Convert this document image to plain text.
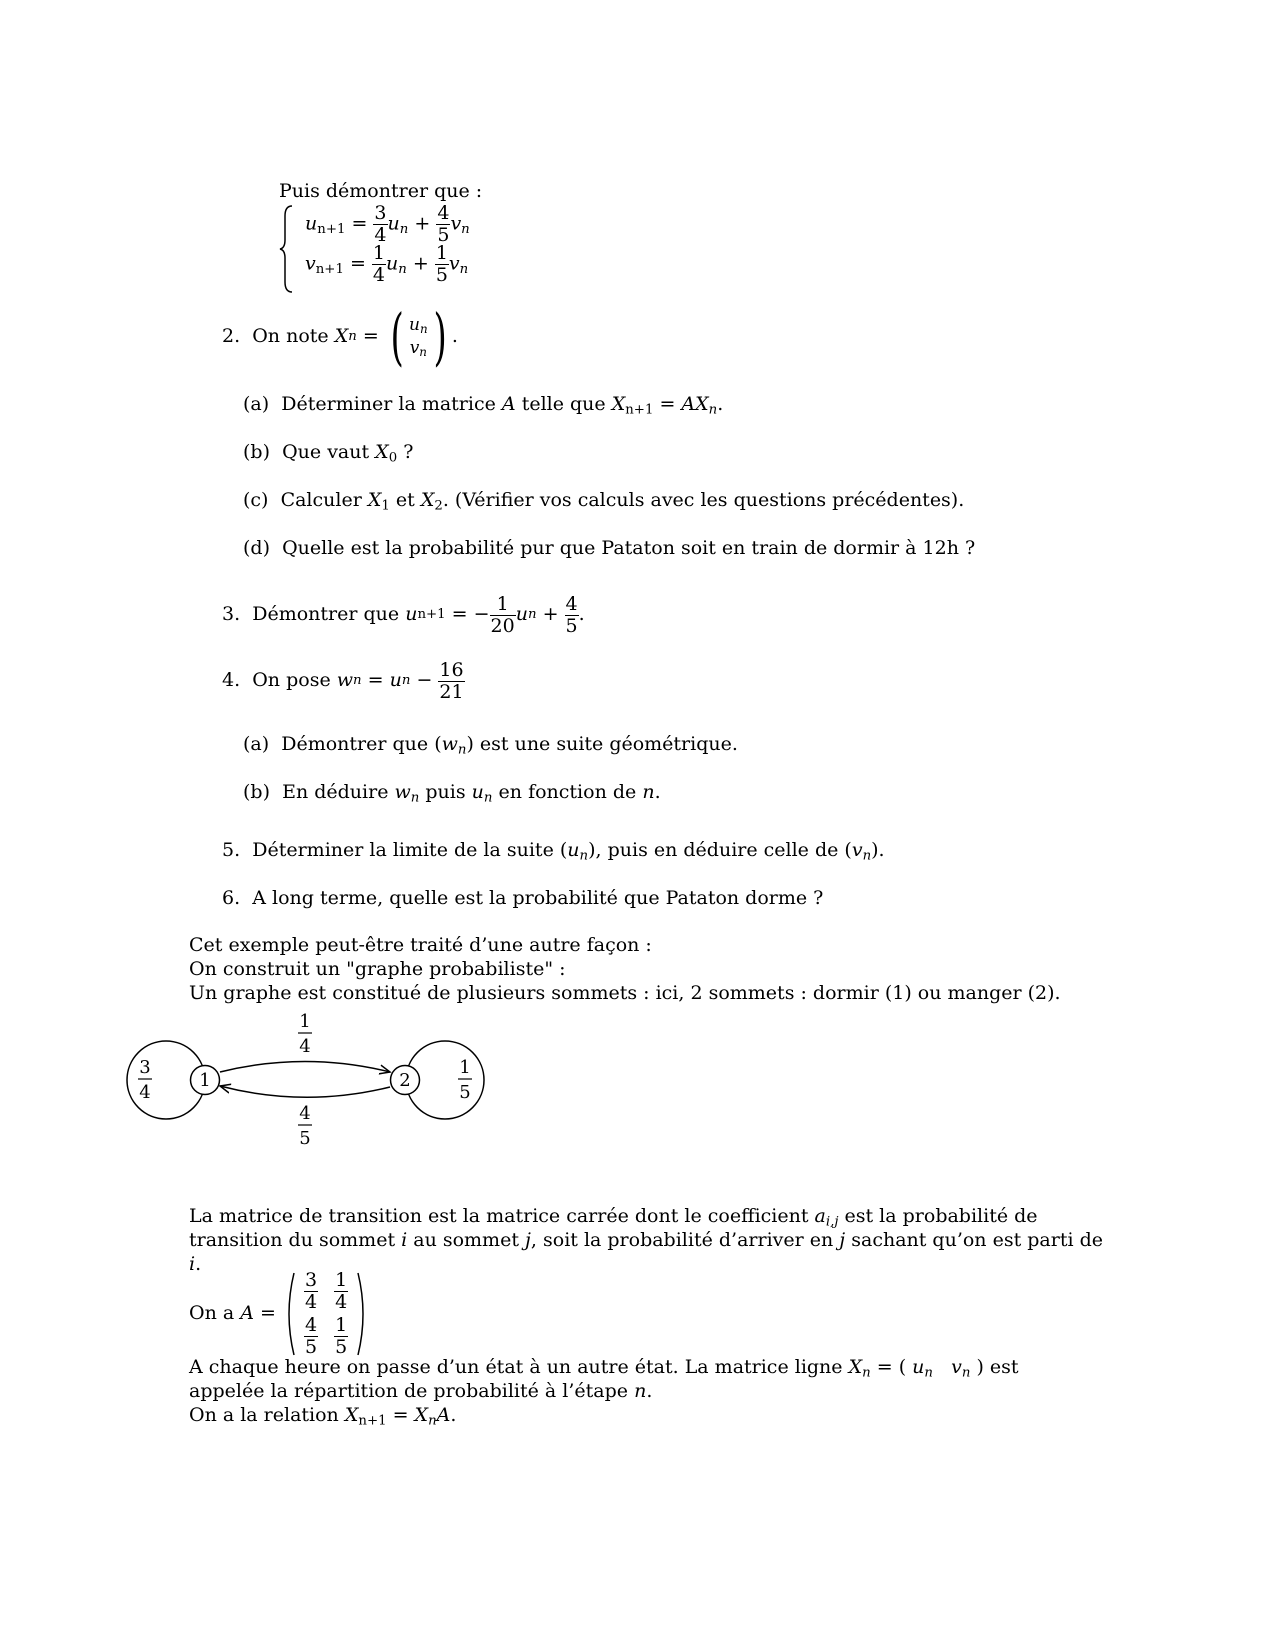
Puis démontrer que :
$u_{n+1} = \frac{3}{4} u_n + \frac{4}{5} v_n$
$v_{n+1} = \frac{1}{4} u_n + \frac{1}{5} v_n$
2.
On note
X n = ( $u_n$
$v_n$ ) .
(a) Déterminer la matrice A telle que $X_{n+1} = AX_n$.
(b) Que vaut $X_0$ ?
(c) Calculer $X_1$ et $X_2$. (Vérifier vos calculs avec les questions précédentes).
(d) Quelle est la probabilité pur que Pataton soit en train de dormir à 12h ?
3.
Démontrer que
u n+1 = − $\frac{1}{20}$ u $n + \frac{4}{5}$ .
4.
On pose
w n = u $n - \frac{16}{21}$
(a) Démontrer que $(w_n)$ est une suite géométrique.
(b) En déduire $w_n$ puis $u_n$ en fonction de n.
5. Déterminer la limite de la suite $(u_n)$, puis en déduire celle de $(v_n)$.
6. A long terme, quelle est la probabilité que Pataton dorme ?
Cet exemple peut-être traité d’une autre façon :
On construit un "graphe probabiliste" :
Un graphe est constitué de plusieurs sommets : ici, 2 sommets : dormir (1) ou manger (2).
1	2
3
4
1
5
1
4
4
5
La matrice de transition est la matrice carrée dont le coefficient $a_{i,j}$ est la probabilité de
transition du sommet i au sommet j, soit la probabilité d’arriver en j sachant qu’on est parti de
i.
On a
A =
$\frac{3}{4} \frac{1}{4}$
$\frac{4}{5} \frac{1}{5}$
A chaque heure on passe d’un état à un autre état. La matrice ligne $X_n$ = ( $u_n$ $v_n$ ) est
appelée la répartition de probabilité à l’étape n.
On a la relation $X_{n+1} = X_nA$.
